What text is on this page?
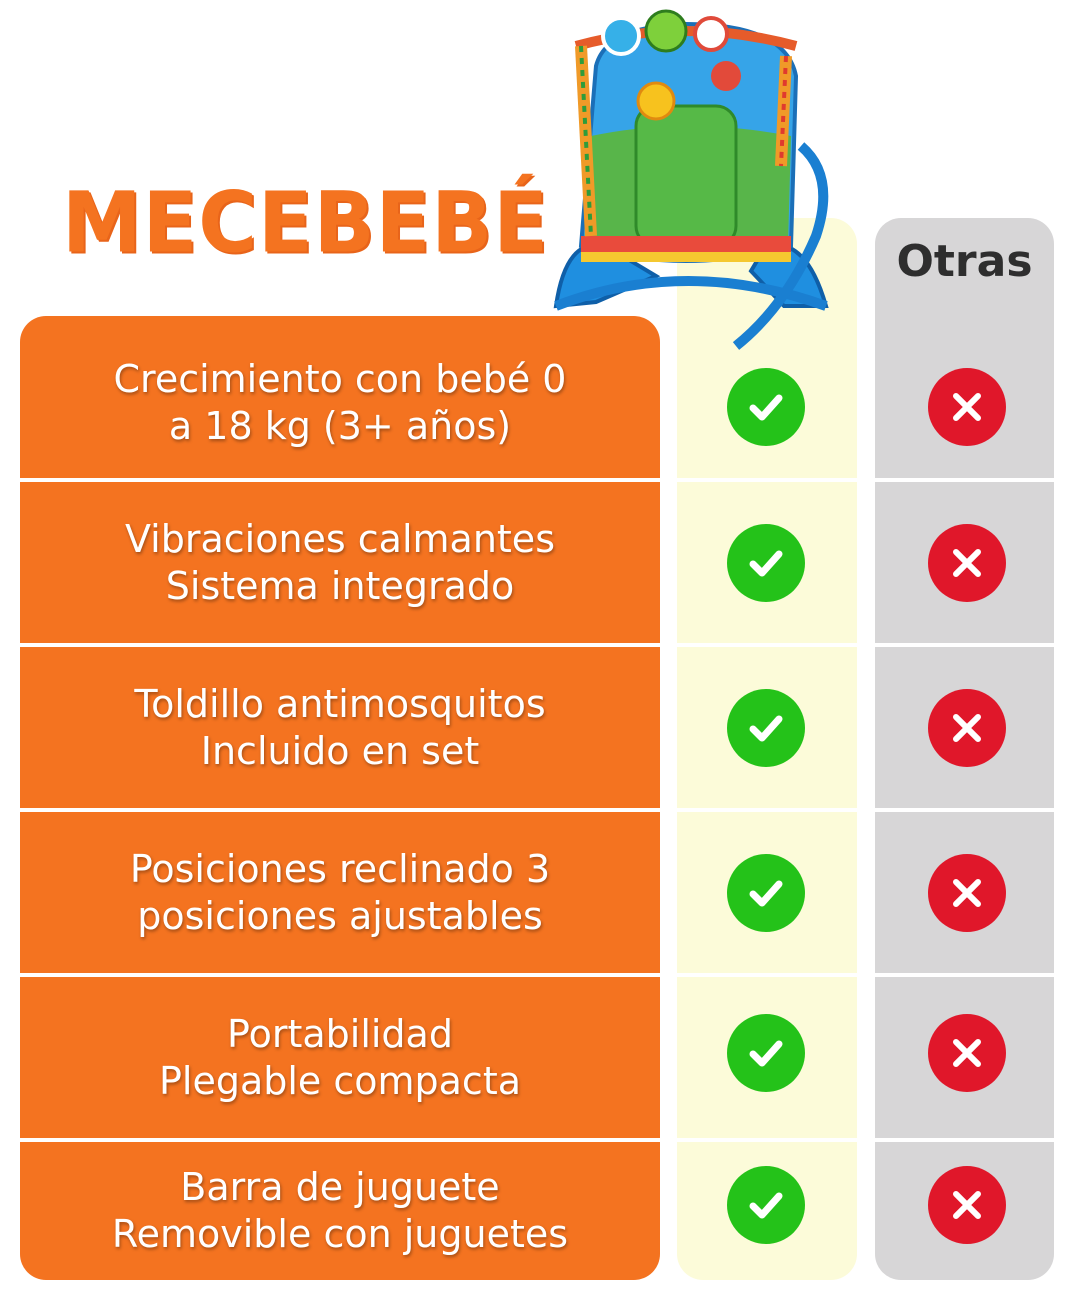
Otras
MECEBEBÉ
Crecimiento con bebé 0
a 18 kg (3+ años)
Vibraciones calmantes
Sistema integrado
Toldillo antimosquitos
Incluido en set
Posiciones reclinado 3
posiciones ajustables
Portabilidad
Plegable compacta
Barra de juguete
Removible con juguetes
